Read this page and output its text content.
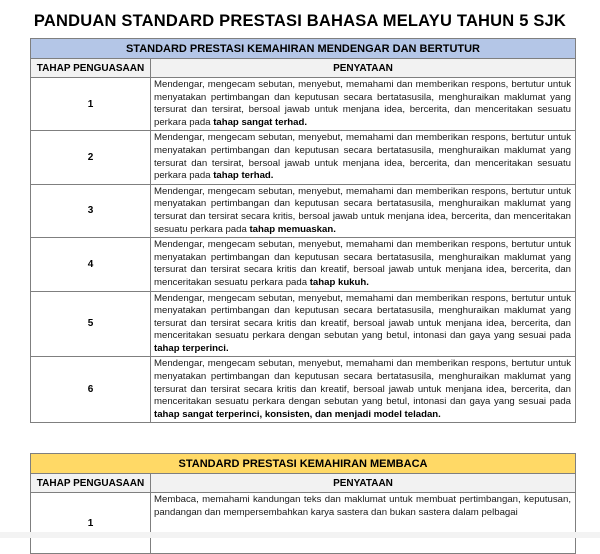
PANDUAN STANDARD PRESTASI BAHASA MELAYU TAHUN 5 SJK
STANDARD PRESTASI KEMAHIRAN MENDENGAR DAN BERTUTUR	
TAHAP PENGUASAAN	PENYATAAN
1	Mendengar, mengecam sebutan, menyebut, memahami dan memberikan respons, bertutur untuk menyatakan pertimbangan dan keputusan secara bertatasusila, menghuraikan maklumat yang tersurat dan tersirat, bersoal jawab untuk menjana idea, bercerita, dan menceritakan sesuatu perkara pada tahap sangat terhad.
2	Mendengar, mengecam sebutan, menyebut, memahami dan memberikan respons, bertutur untuk menyatakan pertimbangan dan keputusan secara bertatasusila, menghuraikan maklumat yang tersurat dan tersirat, bersoal jawab untuk menjana idea, bercerita, dan menceritakan sesuatu perkara pada tahap terhad.
3	Mendengar, mengecam sebutan, menyebut, memahami dan memberikan respons, bertutur untuk menyatakan pertimbangan dan keputusan secara bertatasusila, menghuraikan maklumat yang tersurat dan tersirat secara kritis, bersoal jawab untuk menjana idea, bercerita, dan menceritakan sesuatu perkara pada tahap memuaskan.
4	Mendengar, mengecam sebutan, menyebut, memahami dan memberikan respons, bertutur untuk menyatakan pertimbangan dan keputusan secara bertatasusila, menghuraikan maklumat yang tersurat dan tersirat secara kritis dan kreatif, bersoal jawab untuk menjana idea, bercerita, dan menceritakan sesuatu perkara pada tahap kukuh.
5	Mendengar, mengecam sebutan, menyebut, memahami dan memberikan respons, bertutur untuk menyatakan pertimbangan dan keputusan secara bertatasusila, menghuraikan maklumat yang tersurat dan tersirat secara kritis dan kreatif, bersoal jawab untuk menjana idea, bercerita, dan menceritakan sesuatu perkara dengan sebutan yang betul, intonasi dan gaya yang sesuai pada tahap terperinci.
6	Mendengar, mengecam sebutan, menyebut, memahami dan memberikan respons, bertutur untuk menyatakan pertimbangan dan keputusan secara bertatasusila, menghuraikan maklumat yang tersurat dan tersirat secara kritis dan kreatif, bersoal jawab untuk menjana idea, bercerita, dan menceritakan sesuatu perkara dengan sebutan yang betul, intonasi dan gaya yang sesuai pada tahap sangat terperinci, konsisten, dan menjadi model teladan.
STANDARD PRESTASI KEMAHIRAN MEMBACA	
TAHAP PENGUASAAN	PENYATAAN
1	Membaca, memahami kandungan teks dan maklumat untuk membuat pertimbangan, keputusan, pandangan dan mempersembahkan karya sastera dan bukan sastera dalam pelbagai
